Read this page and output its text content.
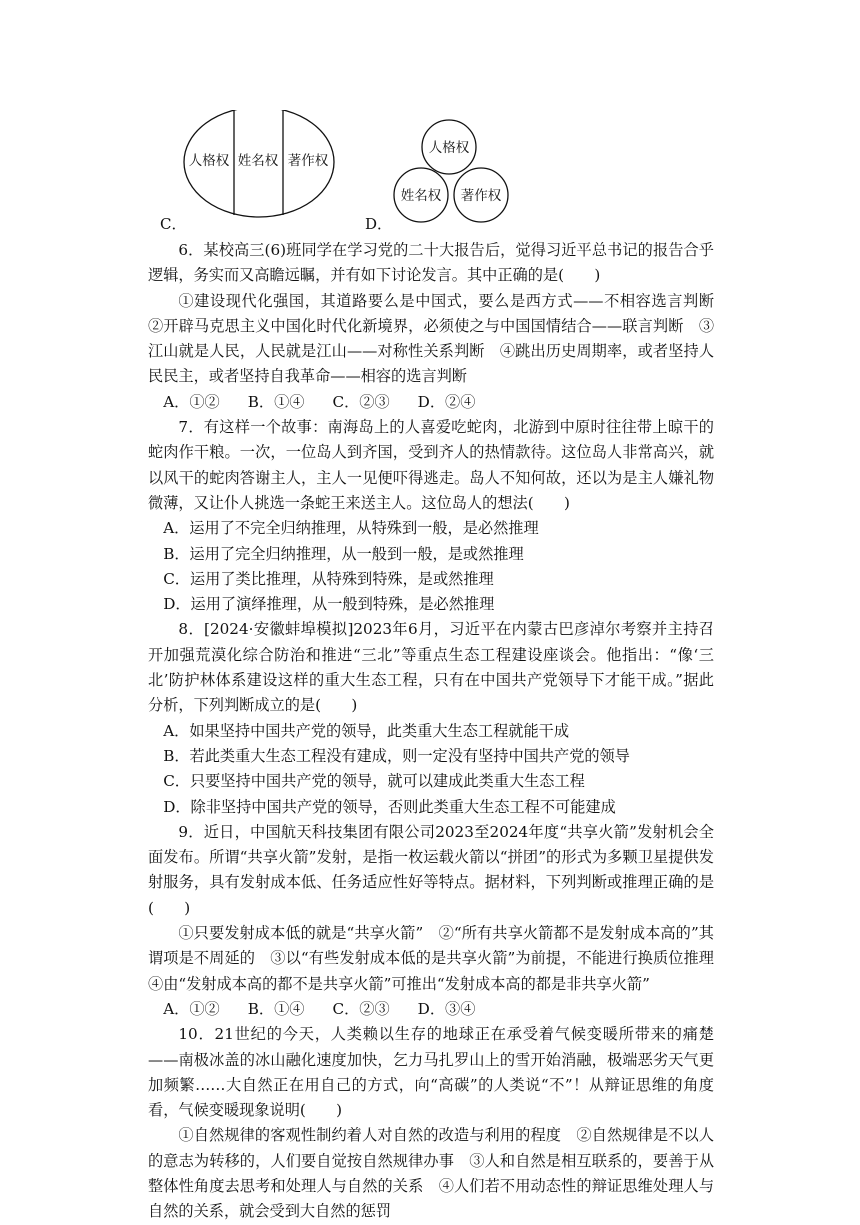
C．	D．
人格权 姓名权 著作权
人格权
姓名权 著作权

6．某校高三(6)班同学在学习党的二十大报告后，觉得习近平总书记的报告合乎逻辑，务实而又高瞻远瞩，并有如下讨论发言。其中正确的是(　　)

①建设现代化强国，其道路要么是中国式，要么是西方式——不相容选言判断　②开辟马克思主义中国化时代化新境界，必须使之与中国国情结合——联言判断　③江山就是人民，人民就是江山——对称性关系判断　④跳出历史周期率，或者坚持人民民主，或者坚持自我革命——相容的选言判断

A．①② B．①④ C．②③ D．②④

7．有这样一个故事：南海岛上的人喜爱吃蛇肉，北游到中原时往往带上晾干的蛇肉作干粮。一次，一位岛人到齐国，受到齐人的热情款待。这位岛人非常高兴，就以风干的蛇肉答谢主人，主人一见便吓得逃走。岛人不知何故，还以为是主人嫌礼物微薄，又让仆人挑选一条蛇王来送主人。这位岛人的想法(　　)

A．运用了不完全归纳推理，从特殊到一般，是必然推理

B．运用了完全归纳推理，从一般到一般，是或然推理

C．运用了类比推理，从特殊到特殊，是或然推理

D．运用了演绎推理，从一般到特殊，是必然推理

8．[2024·安徽蚌埠模拟]2023年6月，习近平在内蒙古巴彦淖尔考察并主持召开加强荒漠化综合防治和推进“三北”等重点生态工程建设座谈会。他指出：“像‘三北’防护林体系建设这样的重大生态工程，只有在中国共产党领导下才能干成。”据此分析，下列判断成立的是(　　)

A．如果坚持中国共产党的领导，此类重大生态工程就能干成

B．若此类重大生态工程没有建成，则一定没有坚持中国共产党的领导

C．只要坚持中国共产党的领导，就可以建成此类重大生态工程

D．除非坚持中国共产党的领导，否则此类重大生态工程不可能建成

9．近日，中国航天科技集团有限公司2023至2024年度“共享火箭”发射机会全面发布。所谓“共享火箭”发射，是指一枚运载火箭以“拼团”的形式为多颗卫星提供发射服务，具有发射成本低、任务适应性好等特点。据材料，下列判断或推理正确的是(　　)

①只要发射成本低的就是“共享火箭”　②“所有共享火箭都不是发射成本高的”其谓项是不周延的　③以“有些发射成本低的是共享火箭”为前提，不能进行换质位推理　④由“发射成本高的都不是共享火箭”可推出“发射成本高的都是非共享火箭”

A．①② B．①④ C．②③ D．③④

10．21世纪的今天，人类赖以生存的地球正在承受着气候变暖所带来的痛楚——南极冰盖的冰山融化速度加快，乞力马扎罗山上的雪开始消融，极端恶劣天气更加频繁……大自然正在用自己的方式，向“高碳”的人类说“不”！从辩证思维的角度看，气候变暖现象说明(　　)

①自然规律的客观性制约着人对自然的改造与利用的程度　②自然规律是不以人的意志为转移的，人们要自觉按自然规律办事　③人和自然是相互联系的，要善于从整体性角度去思考和处理人与自然的关系　④人们若不用动态性的辩证思维处理人与自然的关系，就会受到大自然的惩罚
